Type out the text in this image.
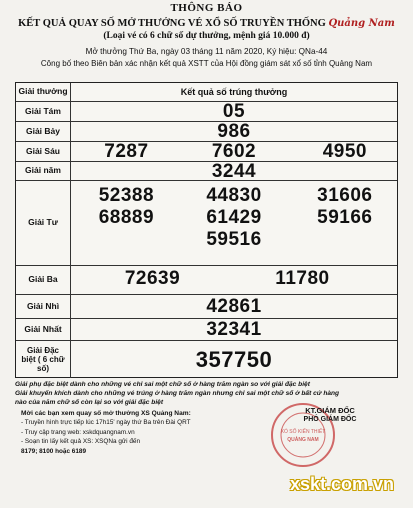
THÔNG BÁO
KẾT QUẢ QUAY SỐ MỞ THƯỞNG VÉ XỔ SỐ TRUYỀN THỐNG Quảng Nam
(Loại vé có 6 chữ số dự thưởng, mệnh giá 10.000 đ)
Mở thưởng Thứ Ba, ngày 03 tháng 11 năm 2020, Ký hiệu: QNa-44
Công bố theo Biên bản xác nhận kết quả XSTT của Hội đồng giám sát xổ số tỉnh Quảng Nam
Giải thưởng	Kết quả số trúng thưởng
Giải Tám	05
Giải Bảy	986
Giải Sáu	7287	7602	4950
Giải năm	3244
Giải Tư
52388	44830	31606
68889	61429	59166
59516
Giải Ba	72639	11780
Giải Nhì	42861
Giải Nhất	32341
Giải Đặc biệt ( 6 chữ số)	357750
Giải phụ đặc biệt dành cho những vé chỉ sai một chữ số ở hàng trăm ngàn so với giải đặc biệt
Giải khuyến khích dành cho những vé trúng ở hàng trăm ngàn nhưng chỉ sai một chữ số ở bất cứ hàng nào của năm chữ số còn lại so với giải đặc biệt
Mời các bạn xem quay số mở thưởng XS Quảng Nam:
- Truyền hình trực tiếp lúc 17h15' ngày thứ Ba trên Đài QRT
- Truy cập trang web: xskdquangnam.vn
- Soạn tin lấy kết quả XS: XSQNa gửi đến
8179; 8100 hoặc 6189
XỔ SỐ KIẾN THIẾT
QUẢNG NAM
KT.GIÁM ĐỐC
PHÓ GIÁM ĐỐC
xskt.com.vn
